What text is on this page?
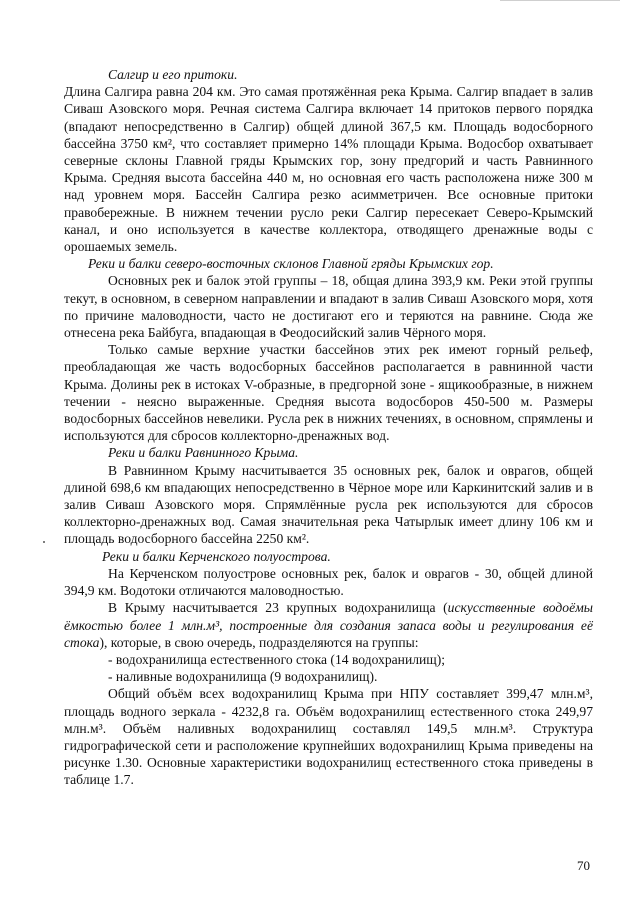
Салгир и его притоки.

Длина Салгира равна 204 км. Это самая протяжённая река Крыма. Салгир впадает в залив Сиваш Азовского моря. Речная система Салгира включает 14 притоков первого порядка (впадают непосредственно в Салгир) общей длиной 367,5 км. Площадь водосборного бассейна 3750 км², что составляет примерно 14% площади Крыма. Водосбор охватывает северные склоны Главной гряды Крымских гор, зону предгорий и часть Равнинного Крыма. Средняя высота бассейна 440 м, но основная его часть расположена ниже 300 м над уровнем моря. Бассейн Салгира резко асимметричен. Все основные притоки правобережные. В нижнем течении русло реки Салгир пересекает Северо-Крымский канал, и оно используется в качестве коллектора, отводящего дренажные воды с орошаемых земель.

Реки и балки северо-восточных склонов Главной гряды Крымских гор.

Основных рек и балок этой группы – 18, общая длина 393,9 км. Реки этой группы текут, в основном, в северном направлении и впадают в залив Сиваш Азовского моря, хотя по причине маловодности, часто не достигают его и теряются на равнине. Сюда же отнесена река Байбуга, впадающая в Феодосийский залив Чёрного моря.

Только самые верхние участки бассейнов этих рек имеют горный рельеф, преобладающая же часть водосборных бассейнов располагается в равнинной части Крыма. Долины рек в истоках V-образные, в предгорной зоне - ящикообразные, в нижнем течении - неясно выраженные. Средняя высота водосборов 450-500 м. Размеры водосборных бассейнов невелики. Русла рек в нижних течениях, в основном, спрямлены и используются для сбросов коллекторно-дренажных вод.

Реки и балки Равнинного Крыма.

В Равнинном Крыму насчитывается 35 основных рек, балок и оврагов, общей длиной 698,6 км впадающих непосредственно в Чёрное море или Каркинитский залив и в залив Сиваш Азовского моря. Спрямлённые русла рек используются для сбросов коллекторно-дренажных вод. Самая значительная река Чатырлык имеет длину 106 км и площадь водосборного бассейна 2250 км².

Реки и балки Керченского полуострова.

На Керченском полуострове основных рек, балок и оврагов - 30, общей длиной 394,9 км. Водотоки отличаются маловодностью.

В Крыму насчитывается 23 крупных водохранилища (искусственные водоёмы ёмкостью более 1 млн.м³, построенные для создания запаса воды и регулирования её стока), которые, в свою очередь, подразделяются на группы:

- водохранилища естественного стока (14 водохранилищ);

- наливные водохранилища (9 водохранилищ).

Общий объём всех водохранилищ Крыма при НПУ составляет 399,47 млн.м³, площадь водного зеркала - 4232,8 га. Объём водохранилищ естественного стока 249,97 млн.м³. Объём наливных водохранилищ составлял 149,5 млн.м³. Структура гидрографической сети и расположение крупнейших водохранилищ Крыма приведены на рисунке 1.30. Основные характеристики водохранилищ естественного стока приведены в таблице 1.7.

70
